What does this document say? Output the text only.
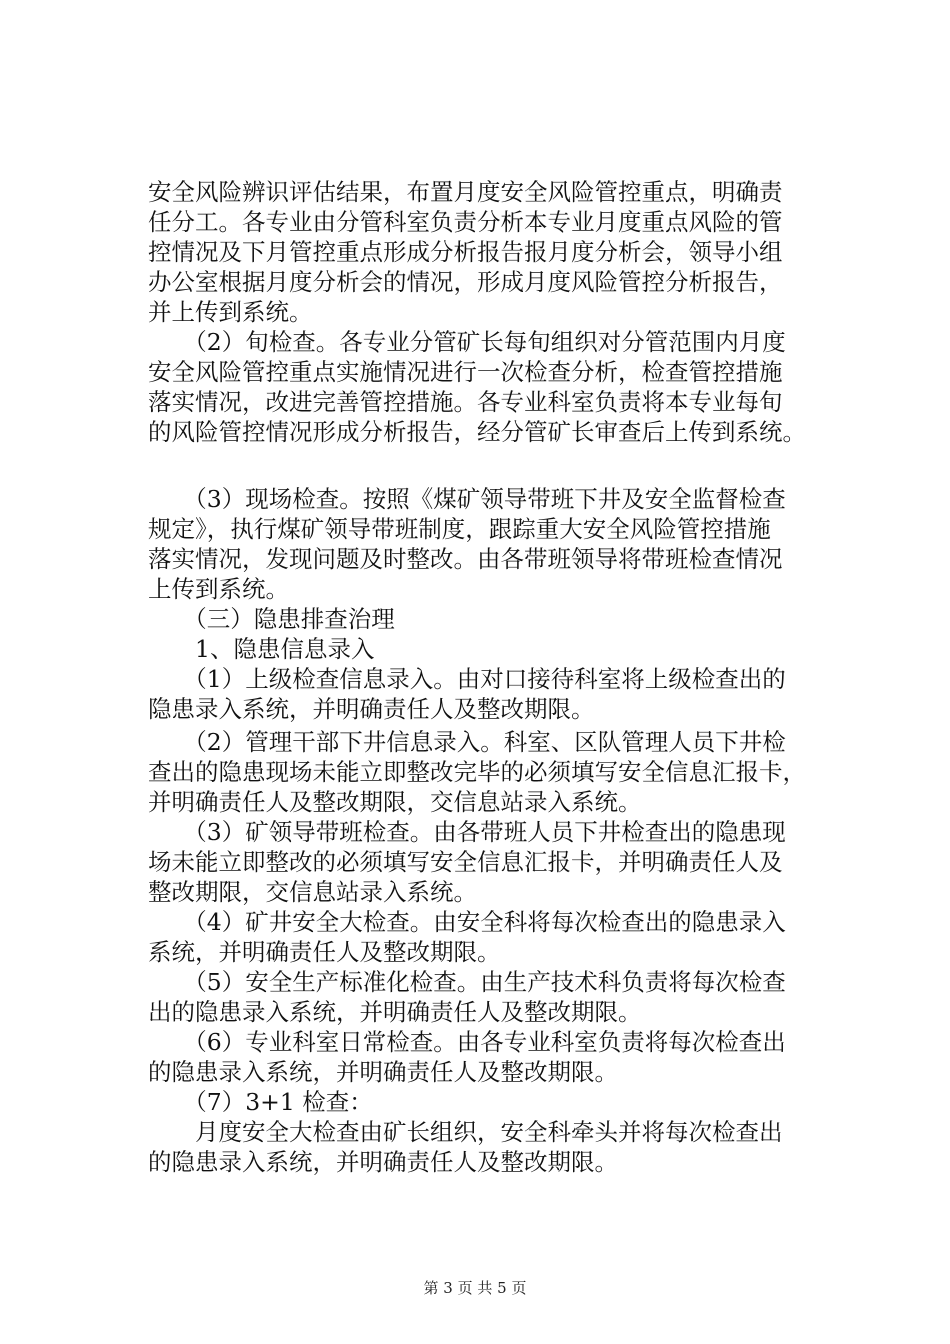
安全风险辨识评估结果，布置月度安全风险管控重点，明确责
任分工。各专业由分管科室负责分析本专业月度重点风险的管
控情况及下月管控重点形成分析报告报月度分析会，领导小组
办公室根据月度分析会的情况，形成月度风险管控分析报告，
并上传到系统。
　　（2）旬检查。各专业分管矿长每旬组织对分管范围内月度
安全风险管控重点实施情况进行一次检查分析，检查管控措施
落实情况，改进完善管控措施。各专业科室负责将本专业每旬
的风险管控情况形成分析报告，经分管矿长审查后上传到系统。
　　（3）现场检查。按照《煤矿领导带班下井及安全监督检查
规定》，执行煤矿领导带班制度，跟踪重大安全风险管控措施
落实情况，发现问题及时整改。由各带班领导将带班检查情况
上传到系统。
　　（三）隐患排查治理
　　1、隐患信息录入
　　（1）上级检查信息录入。由对口接待科室将上级检查出的
隐患录入系统，并明确责任人及整改期限。
　　（2）管理干部下井信息录入。科室、区队管理人员下井检
查出的隐患现场未能立即整改完毕的必须填写安全信息汇报卡，
并明确责任人及整改期限，交信息站录入系统。
　　（3）矿领导带班检查。由各带班人员下井检查出的隐患现
场未能立即整改的必须填写安全信息汇报卡，并明确责任人及
整改期限，交信息站录入系统。
　　（4）矿井安全大检查。由安全科将每次检查出的隐患录入
系统，并明确责任人及整改期限。
　　（5）安全生产标准化检查。由生产技术科负责将每次检查
出的隐患录入系统，并明确责任人及整改期限。
　　（6）专业科室日常检查。由各专业科室负责将每次检查出
的隐患录入系统，并明确责任人及整改期限。
　　（7）3+1 检查：
　　月度安全大检查由矿长组织，安全科牵头并将每次检查出
的隐患录入系统，并明确责任人及整改期限。
第 3 页 共 5 页
